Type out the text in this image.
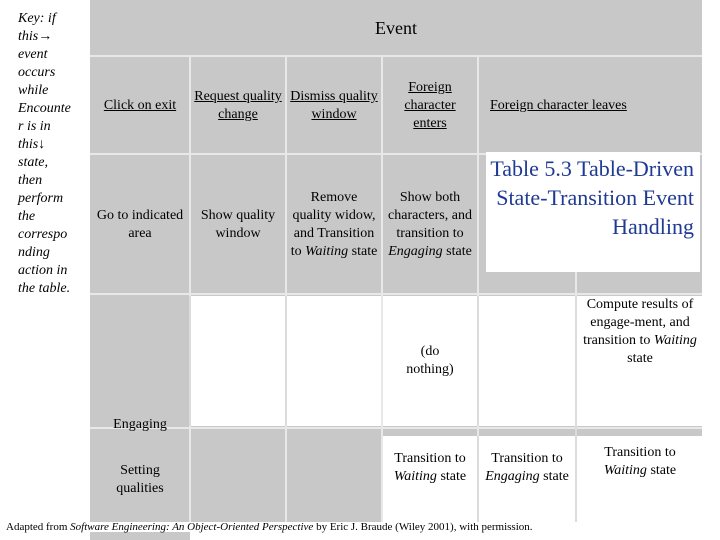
Key: if
this→
event
occurs
while
Encounte
r is in
this↓
state,
then
perform
the
correspo
nding
action in
the table.
Event
Click on exit
Request quality change
Dismiss quality window
Foreign character enters
Foreign character leaves
Go to indicated area
Show quality window
Remove quality widow, and Transition to Waiting state
Show both characters, and transition to Engaging state
Engaging
(do nothing)
Compute results of engage-ment, and transition to Waiting state
Setting qualities
Transition to Waiting state
Transition to Engaging state
Transition to Waiting state
Table 5.3 Table-Driven State-Transition Event Handling
Adapted from Software Engineering: An Object-Oriented Perspective by Eric J. Braude (Wiley 2001), with permission.
